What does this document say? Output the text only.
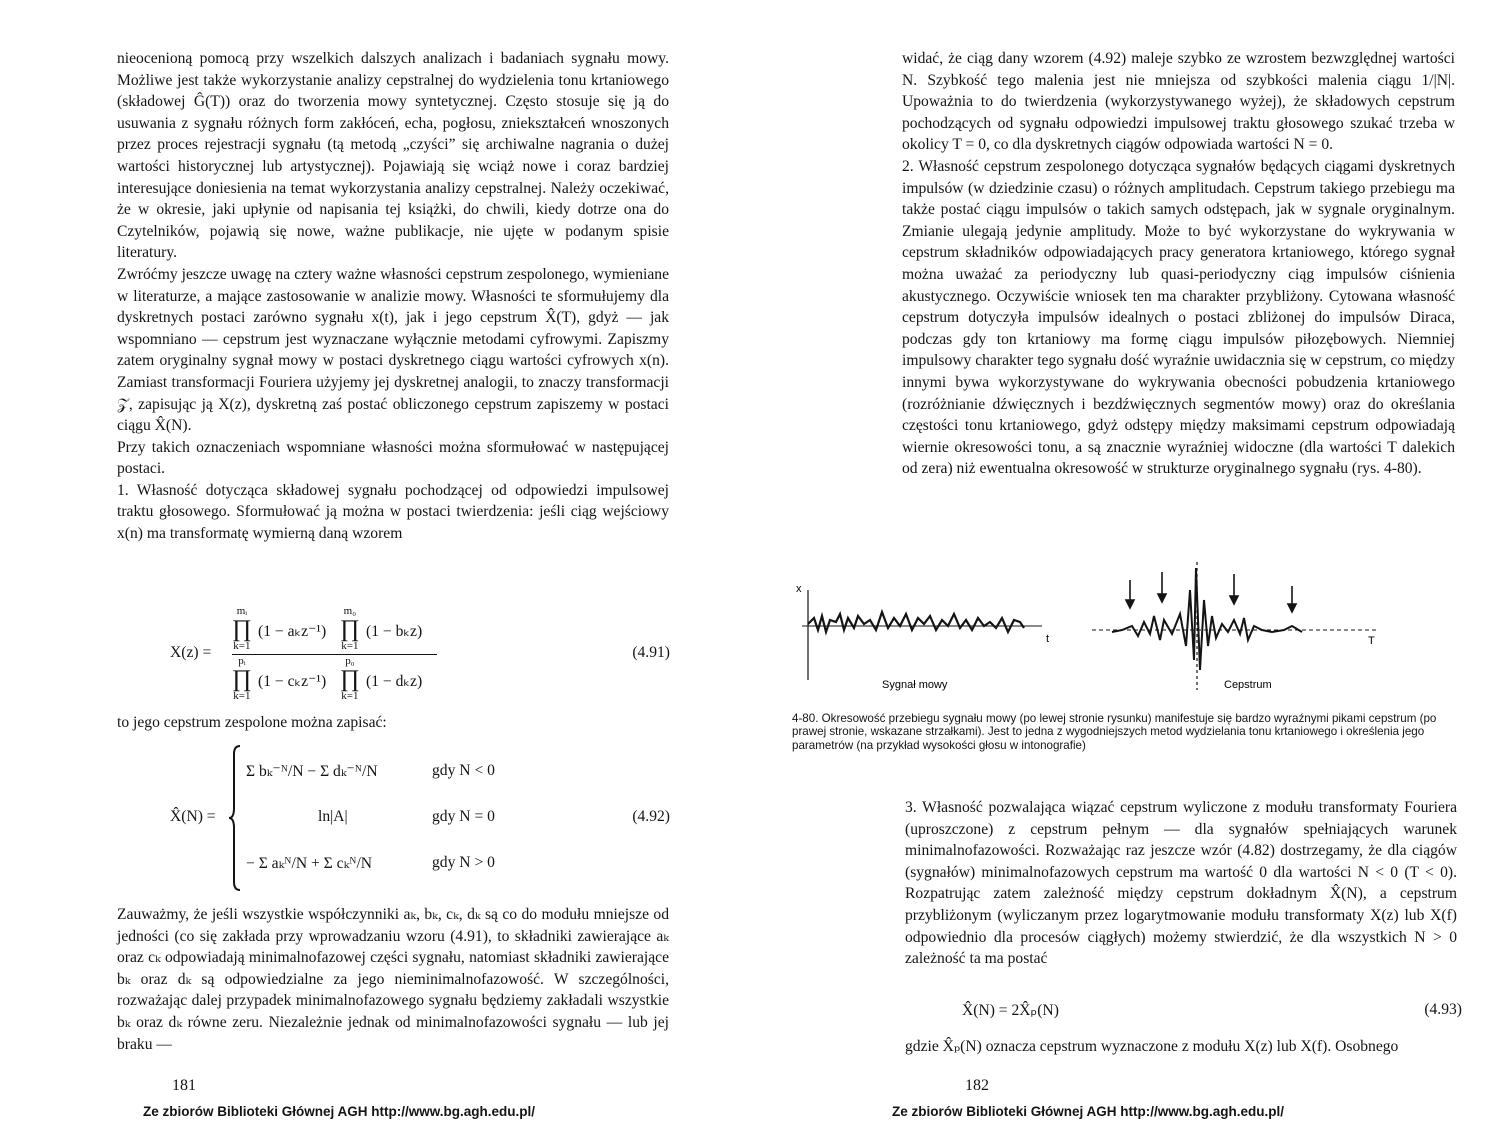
nieocenioną pomocą przy wszelkich dalszych analizach i badaniach sygnału mowy. Możliwe jest także wykorzystanie analizy cepstralnej do wydzielenia tonu krtaniowego (składowej Ĝ(T)) oraz do tworzenia mowy syntetycznej. Często stosuje się ją do usuwania z sygnału różnych form zakłóceń, echa, pogłosu, zniekształceń wnoszonych przez proces rejestracji sygnału (tą metodą „czyści” się archiwalne nagrania o dużej wartości historycznej lub artystycznej). Pojawiają się wciąż nowe i coraz bardziej interesujące doniesienia na temat wykorzystania analizy cepstralnej. Należy oczekiwać, że w okresie, jaki upłynie od napisania tej książki, do chwili, kiedy dotrze ona do Czytelników, pojawią się nowe, ważne publikacje, nie ujęte w podanym spisie literatury.

Zwróćmy jeszcze uwagę na cztery ważne własności cepstrum zespolonego, wymieniane w literaturze, a mające zastosowanie w analizie mowy. Własności te sformułujemy dla dyskretnych postaci zarówno sygnału x(t), jak i jego cepstrum X̂(T), gdyż — jak wspomniano — cepstrum jest wyznaczane wyłącznie metodami cyfrowymi. Zapiszmy zatem oryginalny sygnał mowy w postaci dyskretnego ciągu wartości cyfrowych x(n). Zamiast transformacji Fouriera użyjemy jej dyskretnej analogii, to znaczy transformacji 𝒵, zapisując ją X(z), dyskretną zaś postać obliczonego cepstrum zapiszemy w postaci ciągu X̂(N).

Przy takich oznaczeniach wspomniane własności można sformułować w następującej postaci.

1. Własność dotycząca składowej sygnału pochodzącej od odpowiedzi impulsowej traktu głosowego. Sformułować ją można w postaci twierdzenia: jeśli ciąg wejściowy x(n) ma transformatę wymierną daną wzorem

X(z) =
mᵢ
∏
k=1
(1 − aₖz⁻¹)
m₀
∏
k=1
(1 − bₖz)
pᵢ
∏
k=1
(1 − cₖz⁻¹)
p₀
∏
k=1
(1 − dₖz)
(4.91)

to jego cepstrum zespolone można zapisać:

X̂(N) =
Σ bₖ⁻ᴺ/N − Σ dₖ⁻ᴺ/N	gdy N < 0
ln|A|	gdy N = 0
− Σ aₖᴺ/N + Σ cₖᴺ/N	gdy N > 0
(4.92)

Zauważmy, że jeśli wszystkie współczynniki aₖ, bₖ, cₖ, dₖ są co do modułu mniejsze od jedności (co się zakłada przy wprowadzaniu wzoru (4.91), to składniki zawierające aₖ oraz cₖ odpowiadają minimalnofazowej części sygnału, natomiast składniki zawierające bₖ oraz dₖ są odpowiedzialne za jego nieminimalnofazowość. W szczególności, rozważając dalej przypadek minimalnofazowego sygnału będziemy zakładali wszystkie bₖ oraz dₖ równe zeru. Niezależnie jednak od minimalnofazowości sygnału — lub jej braku —

181
Ze zbiorów Biblioteki Głównej AGH http://www.bg.agh.edu.pl/

widać, że ciąg dany wzorem (4.92) maleje szybko ze wzrostem bezwzględnej wartości N. Szybkość tego malenia jest nie mniejsza od szybkości malenia ciągu 1/|N|. Upoważnia to do twierdzenia (wykorzystywanego wyżej), że składowych cepstrum pochodzących od sygnału odpowiedzi impulsowej traktu głosowego szukać trzeba w okolicy T = 0, co dla dyskretnych ciągów odpowiada wartości N = 0.

2. Własność cepstrum zespolonego dotycząca sygnałów będących ciągami dyskretnych impulsów (w dziedzinie czasu) o różnych amplitudach. Cepstrum takiego przebiegu ma także postać ciągu impulsów o takich samych odstępach, jak w sygnale oryginalnym. Zmianie ulegają jedynie amplitudy. Może to być wykorzystane do wykrywania w cepstrum składników odpowiadających pracy generatora krtaniowego, którego sygnał można uważać za periodyczny lub quasi-periodyczny ciąg impulsów ciśnienia akustycznego. Oczywiście wniosek ten ma charakter przybliżony. Cytowana własność cepstrum dotyczyła impulsów idealnych o postaci zbliżonej do impulsów Diraca, podczas gdy ton krtaniowy ma formę ciągu impulsów piłozębowych. Niemniej impulsowy charakter tego sygnału dość wyraźnie uwidacznia się w cepstrum, co między innymi bywa wykorzystywane do wykrywania obecności pobudzenia krtaniowego (rozróżnianie dźwięcznych i bezdźwięcznych segmentów mowy) oraz do określania częstości tonu krtaniowego, gdyż odstępy między maksimami cepstrum odpowiadają wiernie okresowości tonu, a są znacznie wyraźniej widoczne (dla wartości T dalekich od zera) niż ewentualna okresowość w strukturze oryginalnego sygnału (rys. 4-80).

x
t
Sygnał mowy
T
Cepstrum
4-80. Okresowość przebiegu sygnału mowy (po lewej stronie rysunku) manifestuje się bardzo wyraźnymi pikami cepstrum (po prawej stronie, wskazane strzałkami). Jest to jedna z wygodniejszych metod wydzielania tonu krtaniowego i określenia jego parametrów (na przykład wysokości głosu w intonografie)

3. Własność pozwalająca wiązać cepstrum wyliczone z modułu transformaty Fouriera (uproszczone) z cepstrum pełnym — dla sygnałów spełniających warunek minimalnofazowości. Rozważając raz jeszcze wzór (4.82) dostrzegamy, że dla ciągów (sygnałów) minimalnofazowych cepstrum ma wartość 0 dla wartości N < 0 (T < 0). Rozpatrując zatem zależność między cepstrum dokładnym X̂(N), a cepstrum przybliżonym (wyliczanym przez logarytmowanie modułu transformaty X(z) lub X(f) odpowiednio dla procesów ciągłych) możemy stwierdzić, że dla wszystkich N > 0 zależność ta ma postać

X̂(N) = 2X̂ₚ(N)	(4.93)

gdzie X̂ₚ(N) oznacza cepstrum wyznaczone z modułu X(z) lub X(f). Osobnego

182
Ze zbiorów Biblioteki Głównej AGH http://www.bg.agh.edu.pl/
